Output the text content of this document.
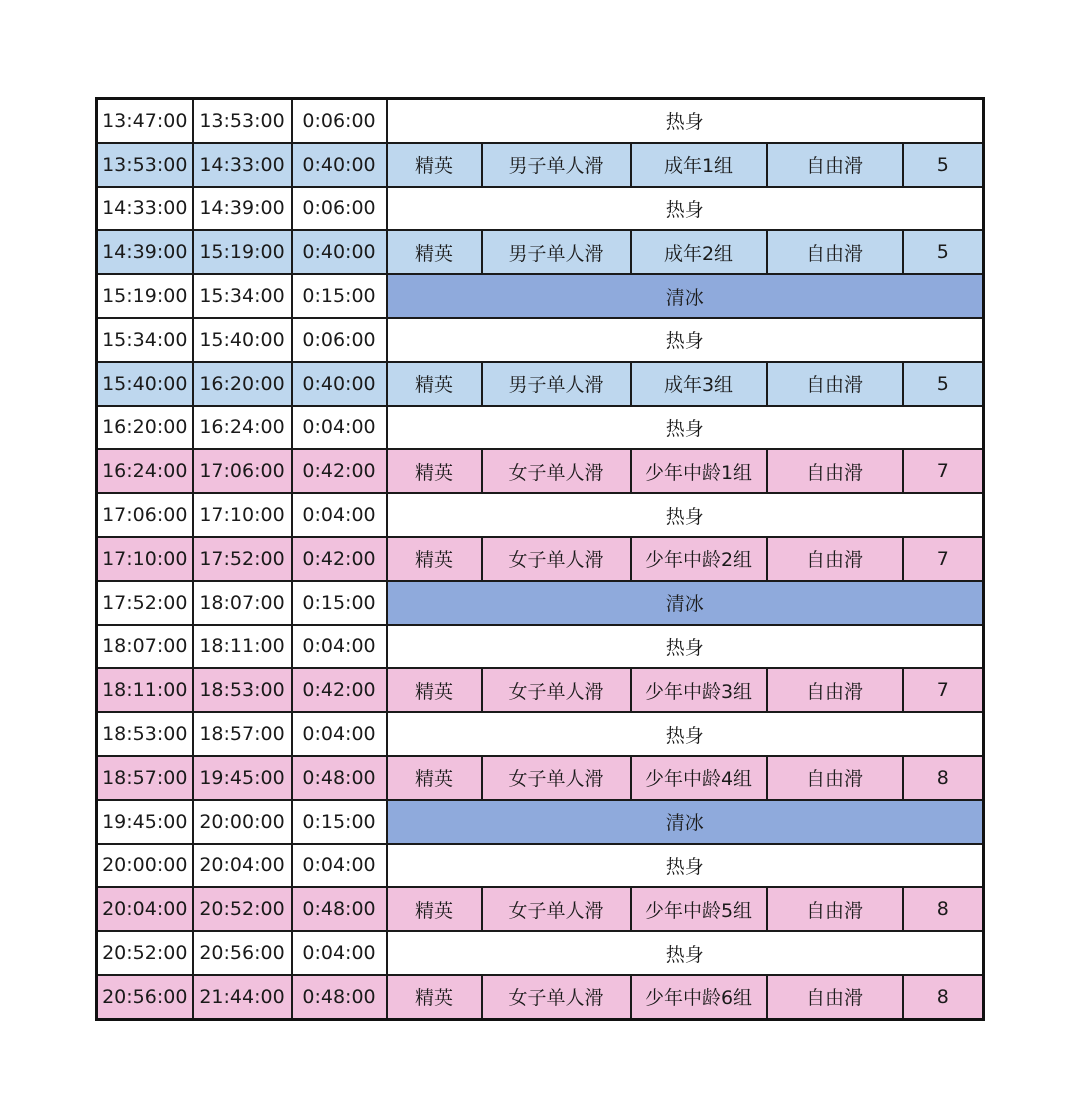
13:47:00	13:53:00	0:06:00	热身				
13:53:00	14:33:00	0:40:00	精英	男子单人滑	成年1组	自由滑	5
14:33:00	14:39:00	0:06:00	热身				
14:39:00	15:19:00	0:40:00	精英	男子单人滑	成年2组	自由滑	5
15:19:00	15:34:00	0:15:00	清冰				
15:34:00	15:40:00	0:06:00	热身				
15:40:00	16:20:00	0:40:00	精英	男子单人滑	成年3组	自由滑	5
16:20:00	16:24:00	0:04:00	热身				
16:24:00	17:06:00	0:42:00	精英	女子单人滑	少年中龄1组	自由滑	7
17:06:00	17:10:00	0:04:00	热身				
17:10:00	17:52:00	0:42:00	精英	女子单人滑	少年中龄2组	自由滑	7
17:52:00	18:07:00	0:15:00	清冰				
18:07:00	18:11:00	0:04:00	热身				
18:11:00	18:53:00	0:42:00	精英	女子单人滑	少年中龄3组	自由滑	7
18:53:00	18:57:00	0:04:00	热身				
18:57:00	19:45:00	0:48:00	精英	女子单人滑	少年中龄4组	自由滑	8
19:45:00	20:00:00	0:15:00	清冰				
20:00:00	20:04:00	0:04:00	热身				
20:04:00	20:52:00	0:48:00	精英	女子单人滑	少年中龄5组	自由滑	8
20:52:00	20:56:00	0:04:00	热身				
20:56:00	21:44:00	0:48:00	精英	女子单人滑	少年中龄6组	自由滑	8
